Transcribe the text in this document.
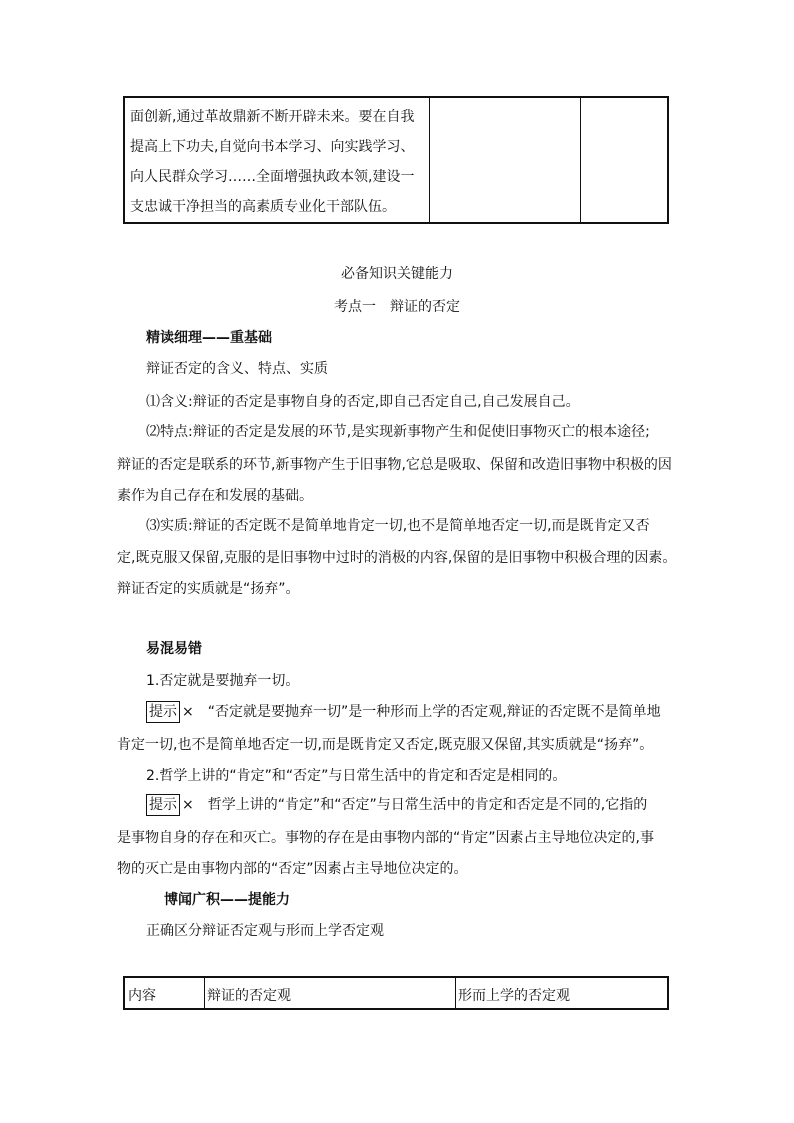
面创新,通过革故鼎新不断开辟未来。要在自我
提高上下功夫,自觉向书本学习、向实践学习、
向人民群众学习……全面增强执政本领,建设一
支忠诚干净担当的高素质专业化干部队伍。
必备知识关键能力
考点一　辩证的否定
精读细理——重基础
辩证否定的含义、特点、实质
⑴含义:辩证的否定是事物自身的否定,即自己否定自己,自己发展自己。
⑵特点:辩证的否定是发展的环节,是实现新事物产生和促使旧事物灭亡的根本途径;
辩证的否定是联系的环节,新事物产生于旧事物,它总是吸取、保留和改造旧事物中积极的因
素作为自己存在和发展的基础。
⑶实质:辩证的否定既不是简单地肯定一切,也不是简单地否定一切,而是既肯定又否
定,既克服又保留,克服的是旧事物中过时的消极的内容,保留的是旧事物中积极合理的因素。
辩证否定的实质就是“扬弃”。
易混易错
1.否定就是要抛弃一切。
提示 ×　“否定就是要抛弃一切”是一种形而上学的否定观,辩证的否定既不是简单地
肯定一切,也不是简单地否定一切,而是既肯定又否定,既克服又保留,其实质就是“扬弃”。
2.哲学上讲的“肯定”和“否定”与日常生活中的肯定和否定是相同的。
提示 ×　哲学上讲的“肯定”和“否定”与日常生活中的肯定和否定是不同的,它指的
是事物自身的存在和灭亡。事物的存在是由事物内部的“肯定”因素占主导地位决定的,事
物的灭亡是由事物内部的“否定”因素占主导地位决定的。
博闻广积——提能力
正确区分辩证否定观与形而上学否定观
内容	辩证的否定观	形而上学的否定观
